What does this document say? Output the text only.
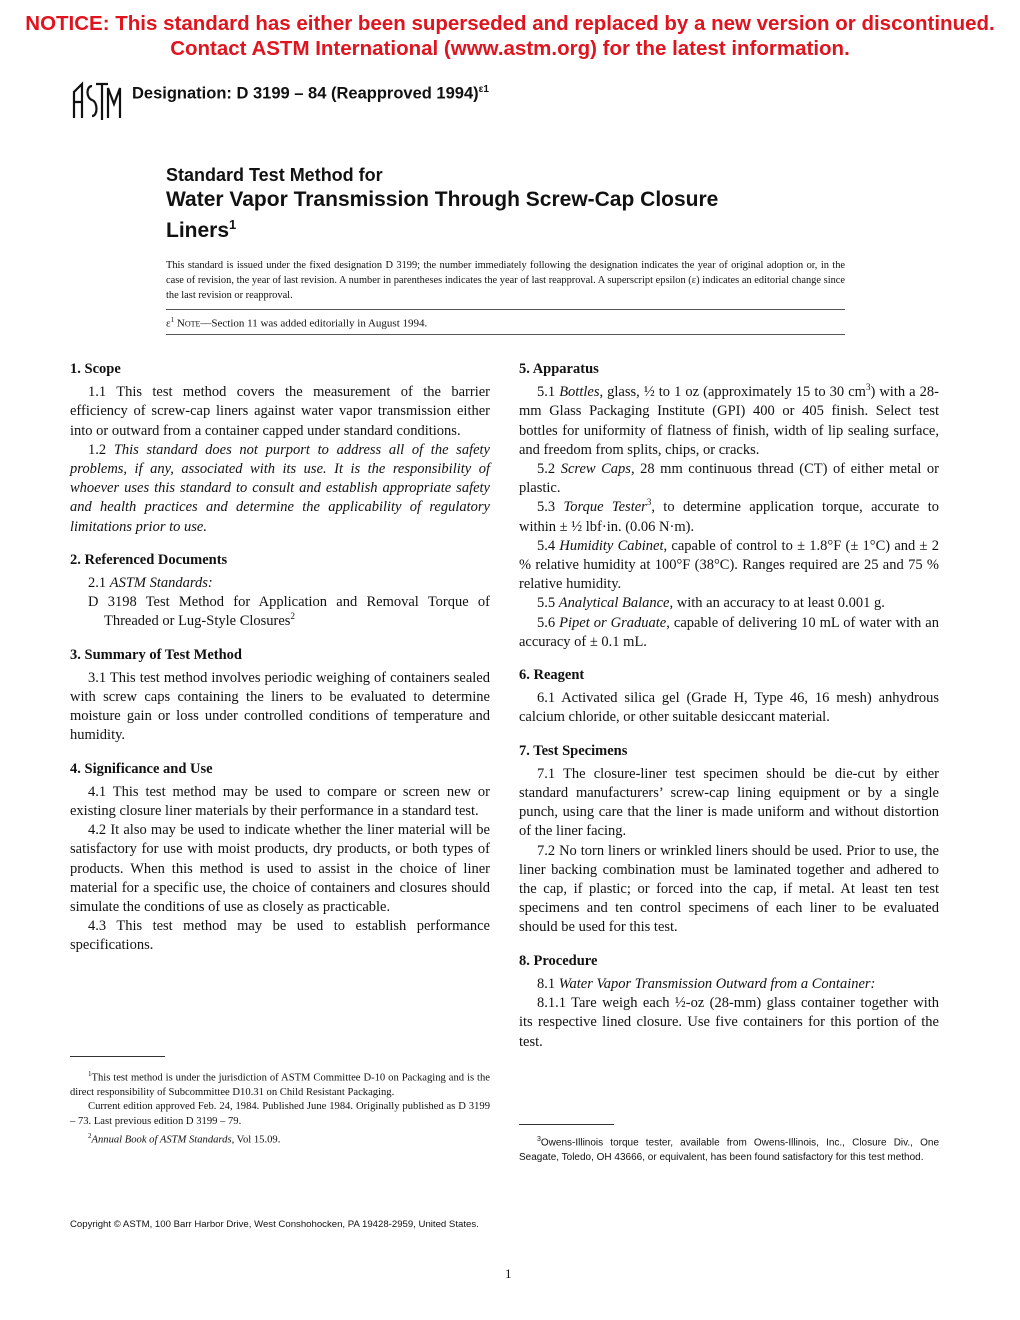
NOTICE: This standard has either been superseded and replaced by a new version or discontinued.
Contact ASTM International (www.astm.org) for the latest information.
ASTM
Designation: D 3199 – 84 (Reapproved 1994)$^{\varepsilon 1}$
Standard Test Method for
Water Vapor Transmission Through Screw-Cap Closure
Liners$^1$
This standard is issued under the fixed designation D 3199; the number immediately following the designation indicates the year of original adoption or, in the case of revision, the year of last revision. A number in parentheses indicates the year of last reapproval. A superscript epsilon (ε) indicates an editorial change since the last revision or reapproval.
$\varepsilon^1$ Note—Section 11 was added editorially in August 1994.
1. Scope

1.1 This test method covers the measurement of the barrier efficiency of screw-cap liners against water vapor transmission either into or outward from a container capped under standard conditions.

1.2 This standard does not purport to address all of the safety problems, if any, associated with its use. It is the responsibility of whoever uses this standard to consult and establish appropriate safety and health practices and determine the applicability of regulatory limitations prior to use.

2. Referenced Documents

2.1 ASTM Standards:

D 3198 Test Method for Application and Removal Torque of Threaded or Lug-Style Closures$^2$

3. Summary of Test Method

3.1 This test method involves periodic weighing of containers sealed with screw caps containing the liners to be evaluated to determine moisture gain or loss under controlled conditions of temperature and humidity.

4. Significance and Use

4.1 This test method may be used to compare or screen new or existing closure liner materials by their performance in a standard test.

4.2 It also may be used to indicate whether the liner material will be satisfactory for use with moist products, dry products, or both types of products. When this method is used to assist in the choice of liner material for a specific use, the choice of containers and closures should simulate the conditions of use as closely as practicable.

4.3 This test method may be used to establish performance specifications.

$^1$This test method is under the jurisdiction of ASTM Committee D-10 on Packaging and is the direct responsibility of Subcommittee D10.31 on Child Resistant Packaging.

Current edition approved Feb. 24, 1984. Published June 1984. Originally published as D 3199 – 73. Last previous edition D 3199 – 79.

$^2$Annual Book of ASTM Standards, Vol 15.09.

5. Apparatus

5.1 Bottles, glass, ½ to 1 oz (approximately 15 to 30 $cm^3$) with a 28-mm Glass Packaging Institute (GPI) 400 or 405 finish. Select test bottles for uniformity of flatness of finish, width of lip sealing surface, and freedom from splits, chips, or cracks.

5.2 Screw Caps, 28 mm continuous thread (CT) of either metal or plastic.

5.3 Torque Tester$^3$, to determine application torque, accurate to within ± ½ lbf·in. (0.06 N·m).

5.4 Humidity Cabinet, capable of control to ± 1.8°F (± 1°C) and ± 2 % relative humidity at 100°F (38°C). Ranges required are 25 and 75 % relative humidity.

5.5 Analytical Balance, with an accuracy to at least 0.001 g.

5.6 Pipet or Graduate, capable of delivering 10 mL of water with an accuracy of ± 0.1 mL.

6. Reagent

6.1 Activated silica gel (Grade H, Type 46, 16 mesh) anhydrous calcium chloride, or other suitable desiccant material.

7. Test Specimens

7.1 The closure-liner test specimen should be die-cut by either standard manufacturers’ screw-cap lining equipment or by a single punch, using care that the liner is made uniform and without distortion of the liner facing.

7.2 No torn liners or wrinkled liners should be used. Prior to use, the liner backing combination must be laminated together and adhered to the cap, if plastic; or forced into the cap, if metal. At least ten test specimens and ten control specimens of each liner to be evaluated should be used for this test.

8. Procedure

8.1 Water Vapor Transmission Outward from a Container:

8.1.1 Tare weigh each ½-oz (28-mm) glass container together with its respective lined closure. Use five containers for this portion of the test.

$^3$Owens-Illinois torque tester, available from Owens-Illinois, Inc., Closure Div., One Seagate, Toledo, OH 43666, or equivalent, has been found satisfactory for this test method.

Copyright © ASTM, 100 Barr Harbor Drive, West Conshohocken, PA 19428-2959, United States.
1
